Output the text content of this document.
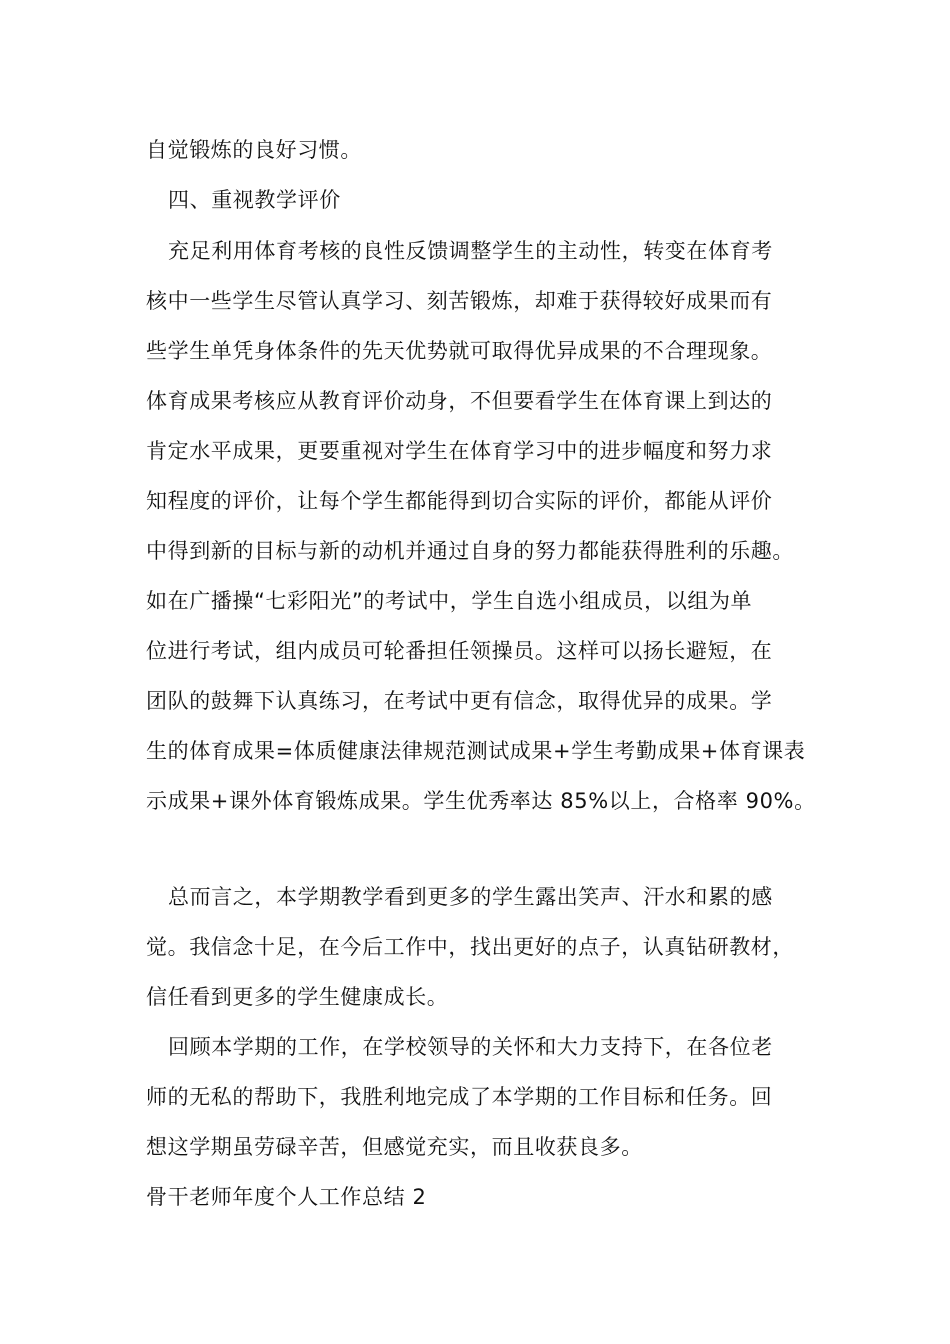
自觉锻炼的良好习惯。
四、重视教学评价
充足利用体育考核的良性反馈调整学生的主动性，转变在体育考
核中一些学生尽管认真学习、刻苦锻炼，却难于获得较好成果而有
些学生单凭身体条件的先天优势就可取得优异成果的不合理现象。
体育成果考核应从教育评价动身，不但要看学生在体育课上到达的
肯定水平成果，更要重视对学生在体育学习中的进步幅度和努力求
知程度的评价，让每个学生都能得到切合实际的评价，都能从评价
中得到新的目标与新的动机并通过自身的努力都能获得胜利的乐趣。
如在广播操“七彩阳光”的考试中，学生自选小组成员，以组为单
位进行考试，组内成员可轮番担任领操员。这样可以扬长避短，在
团队的鼓舞下认真练习，在考试中更有信念，取得优异的成果。学
生的体育成果=体质健康法律规范测试成果+学生考勤成果+体育课表
示成果+课外体育锻炼成果。学生优秀率达 85%以上，合格率 90%。
总而言之，本学期教学看到更多的学生露出笑声、汗水和累的感
觉。我信念十足，在今后工作中，找出更好的点子，认真钻研教材，
信任看到更多的学生健康成长。
回顾本学期的工作，在学校领导的关怀和大力支持下，在各位老
师的无私的帮助下，我胜利地完成了本学期的工作目标和任务。回
想这学期虽劳碌辛苦，但感觉充实，而且收获良多。
骨干老师年度个人工作总结 2
